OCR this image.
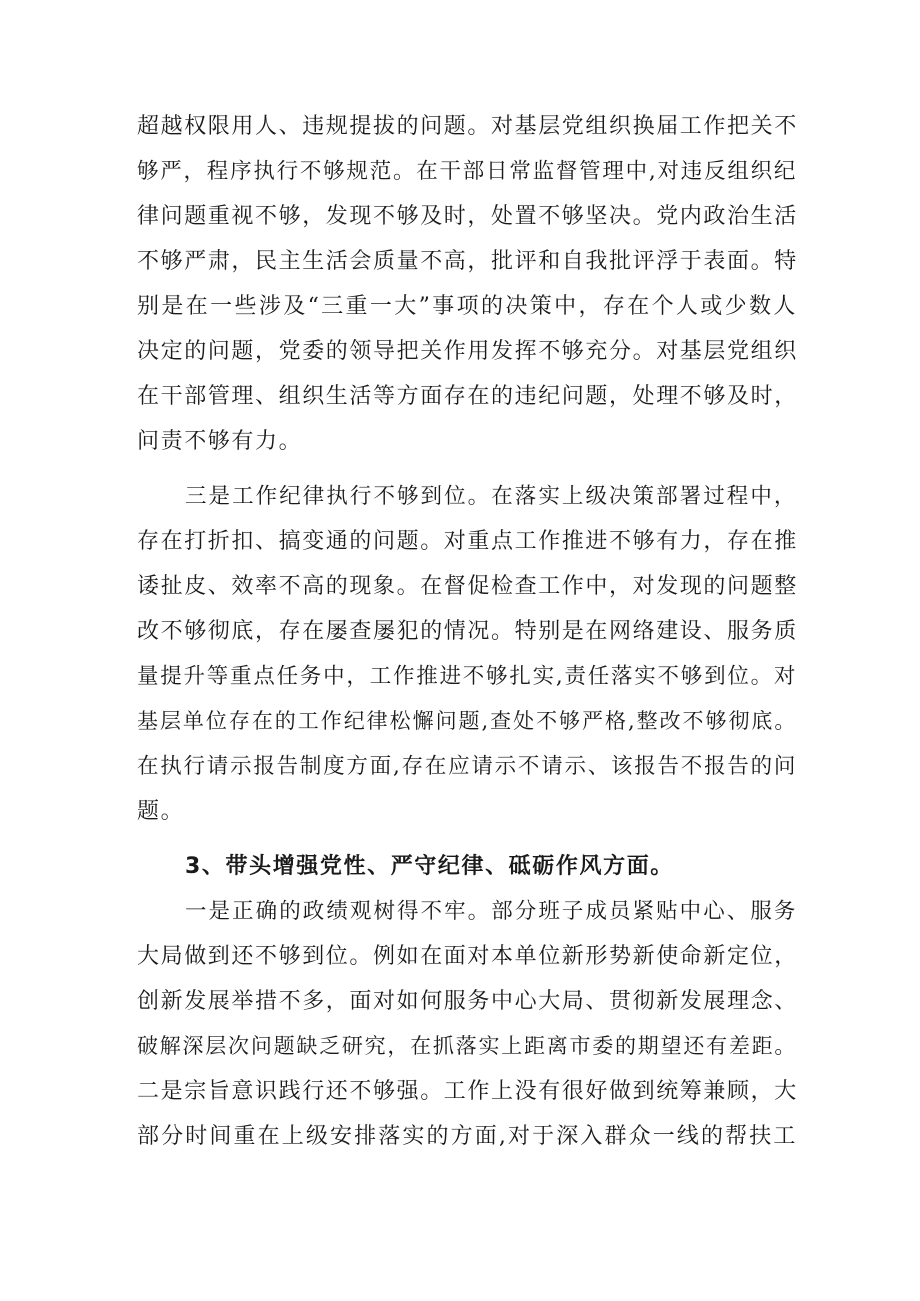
超越权限用人、违规提拔的问题。对基层党组织换届工作把关不
够严，程序执行不够规范。在干部日常监督管理中,对违反组织纪
律问题重视不够，发现不够及时，处置不够坚决。党内政治生活
不够严肃，民主生活会质量不高，批评和自我批评浮于表面。特
别是在一些涉及“三重一大”事项的决策中，存在个人或少数人
决定的问题，党委的领导把关作用发挥不够充分。对基层党组织
在干部管理、组织生活等方面存在的违纪问题，处理不够及时，
问责不够有力。
三是工作纪律执行不够到位。在落实上级决策部署过程中，
存在打折扣、搞变通的问题。对重点工作推进不够有力，存在推
诿扯皮、效率不高的现象。在督促检查工作中，对发现的问题整
改不够彻底，存在屡查屡犯的情况。特别是在网络建设、服务质
量提升等重点任务中，工作推进不够扎实,责任落实不够到位。对
基层单位存在的工作纪律松懈问题,查处不够严格,整改不够彻底。
在执行请示报告制度方面,存在应请示不请示、该报告不报告的问
题。
3、带头增强党性、严守纪律、砥砺作风方面。
一是正确的政绩观树得不牢。部分班子成员紧贴中心、服务
大局做到还不够到位。例如在面对本单位新形势新使命新定位，
创新发展举措不多，面对如何服务中心大局、贯彻新发展理念、
破解深层次问题缺乏研究，在抓落实上距离市委的期望还有差距。
二是宗旨意识践行还不够强。工作上没有很好做到统筹兼顾，大
部分时间重在上级安排落实的方面,对于深入群众一线的帮扶工
